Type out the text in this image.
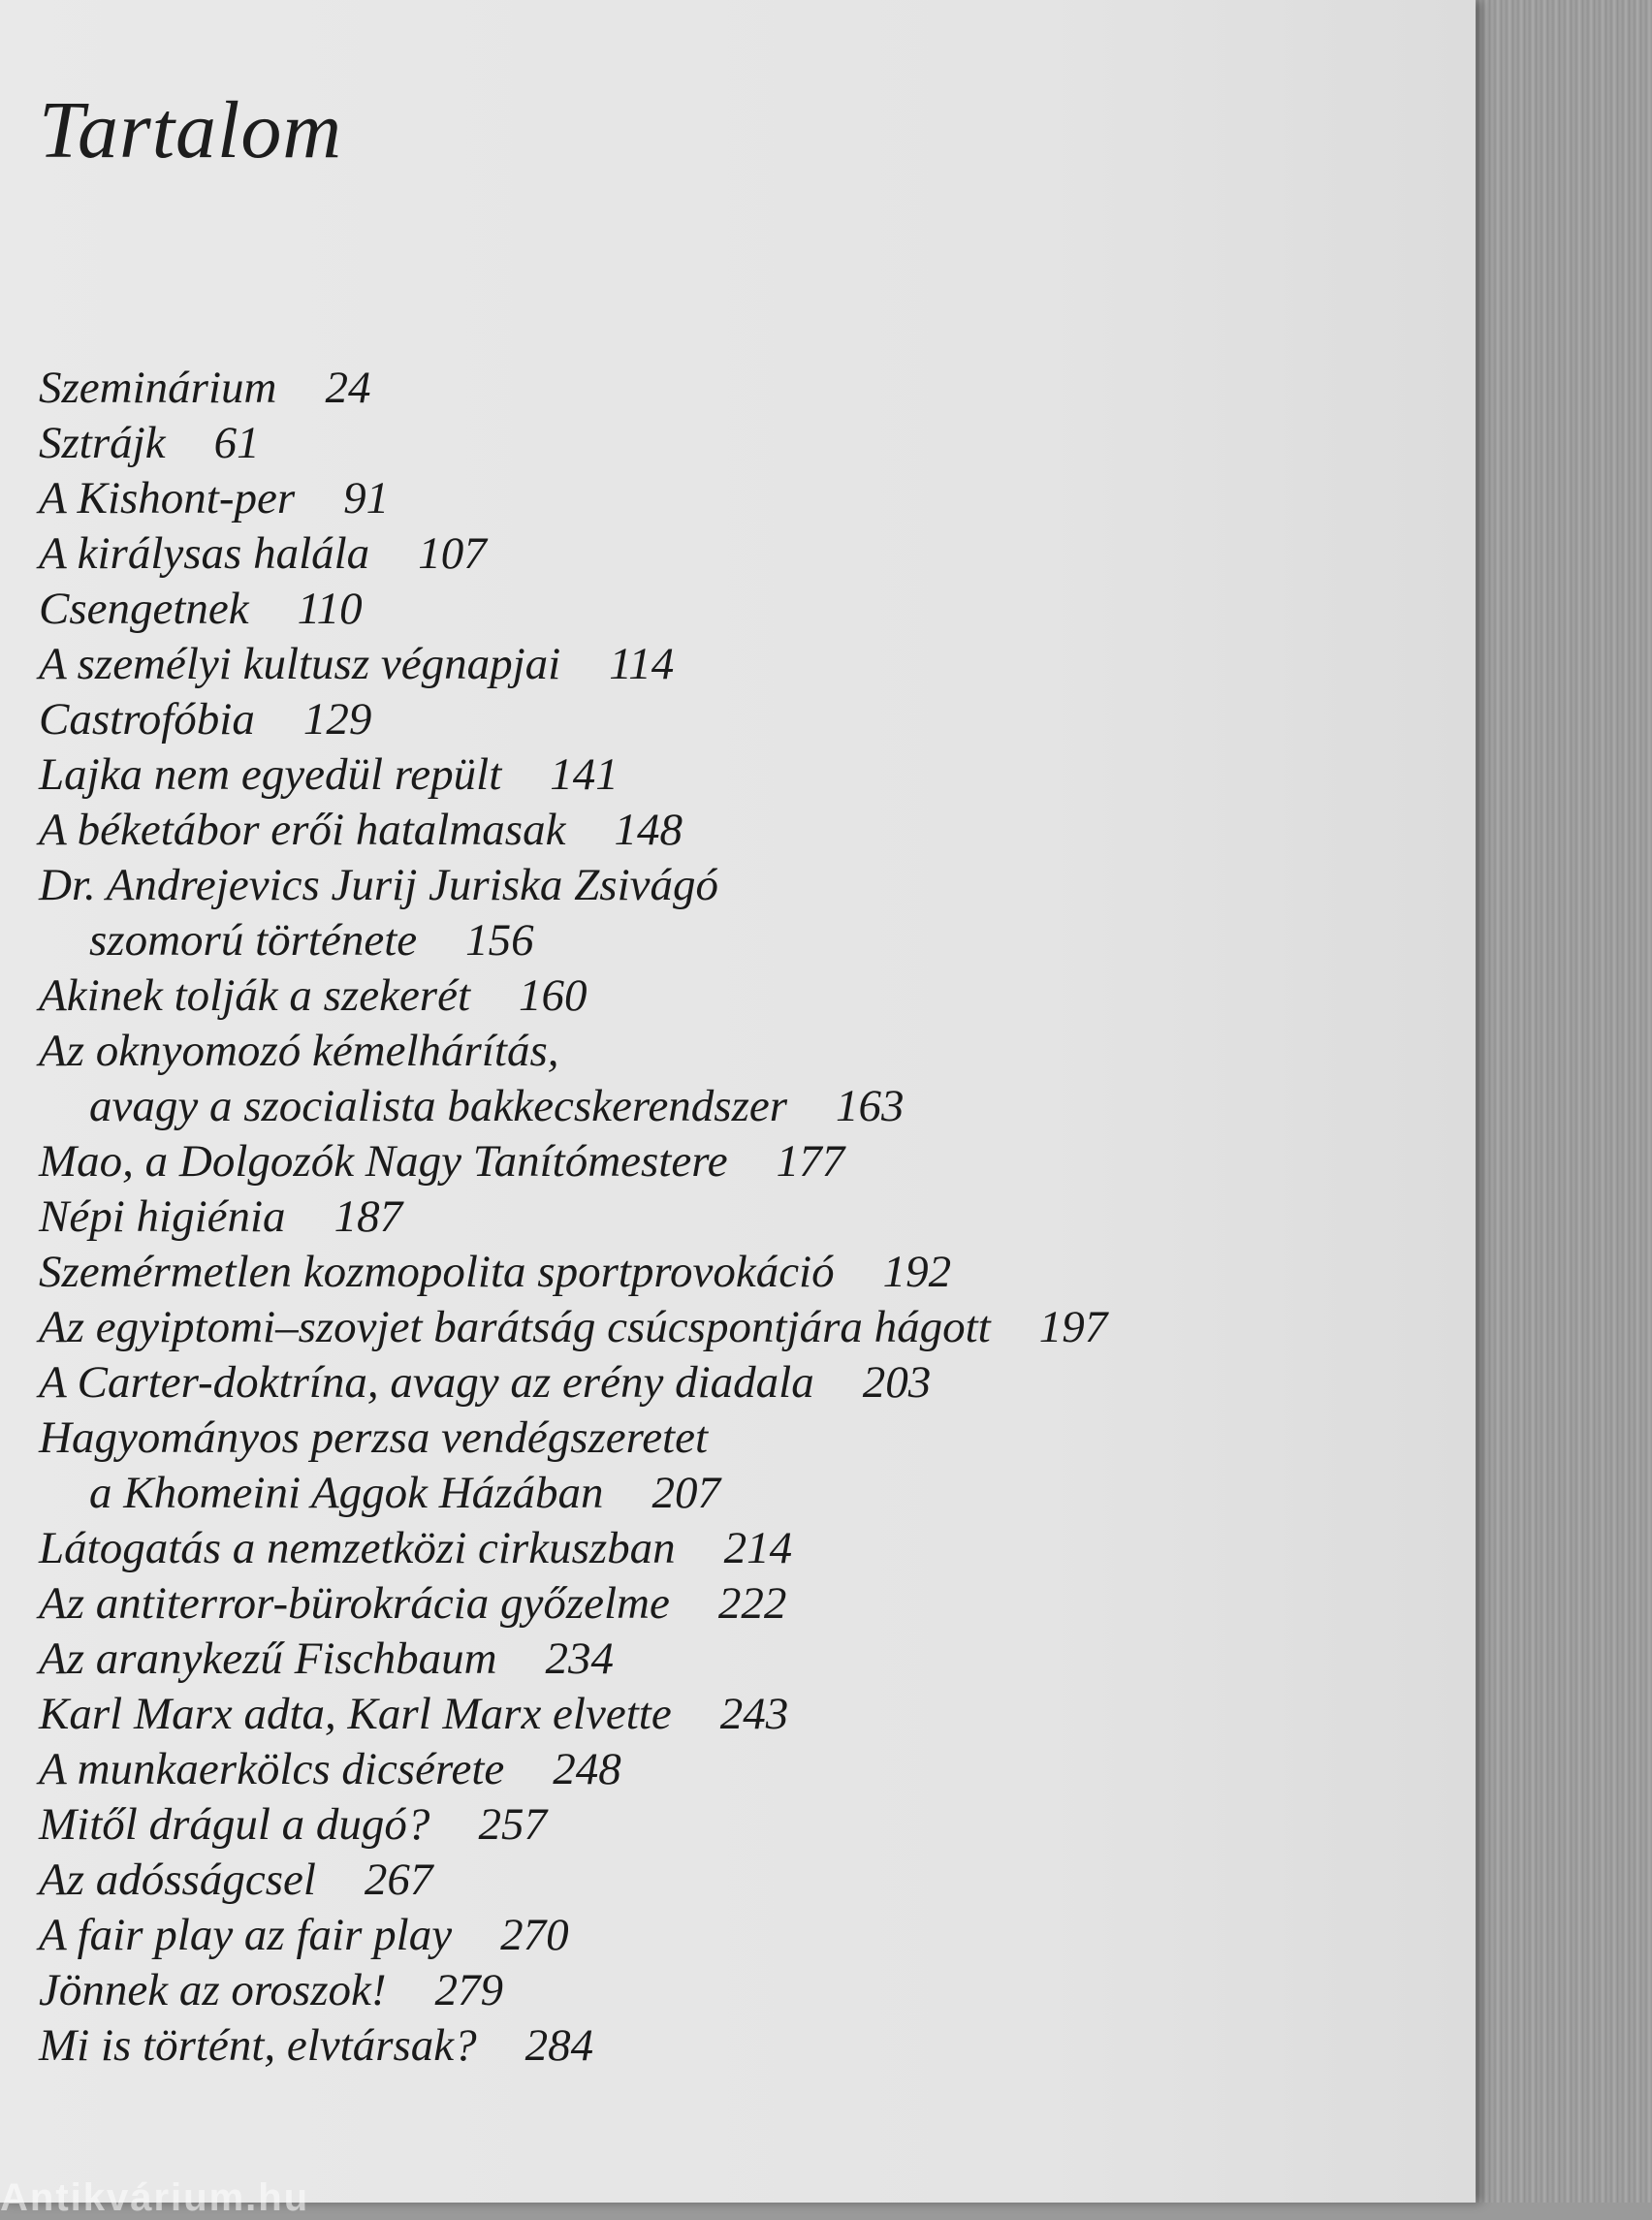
Tartalom
Szeminárium 24
Sztrájk 61
A Kishont-per 91
A királysas halála 107
Csengetnek 110
A személyi kultusz végnapjai 114
Castrofóbia 129
Lajka nem egyedül repült 141
A béketábor erői hatalmasak 148
Dr. Andrejevics Jurij Juriska Zsivágó
szomorú története 156
Akinek tolják a szekerét 160
Az oknyomozó kémelhárítás,
avagy a szocialista bakkecskerendszer 163
Mao, a Dolgozók Nagy Tanítómestere 177
Népi higiénia 187
Szemérmetlen kozmopolita sportprovokáció 192
Az egyiptomi–szovjet barátság csúcspontjára hágott 197
A Carter-doktrína, avagy az erény diadala 203
Hagyományos perzsa vendégszeretet
a Khomeini Aggok Házában 207
Látogatás a nemzetközi cirkuszban 214
Az antiterror-bürokrácia győzelme 222
Az aranykezű Fischbaum 234
Karl Marx adta, Karl Marx elvette 243
A munkaerkölcs dicsérete 248
Mitől drágul a dugó? 257
Az adósságcsel 267
A fair play az fair play 270
Jönnek az oroszok! 279
Mi is történt, elvtársak? 284
Antikvárium.hu
